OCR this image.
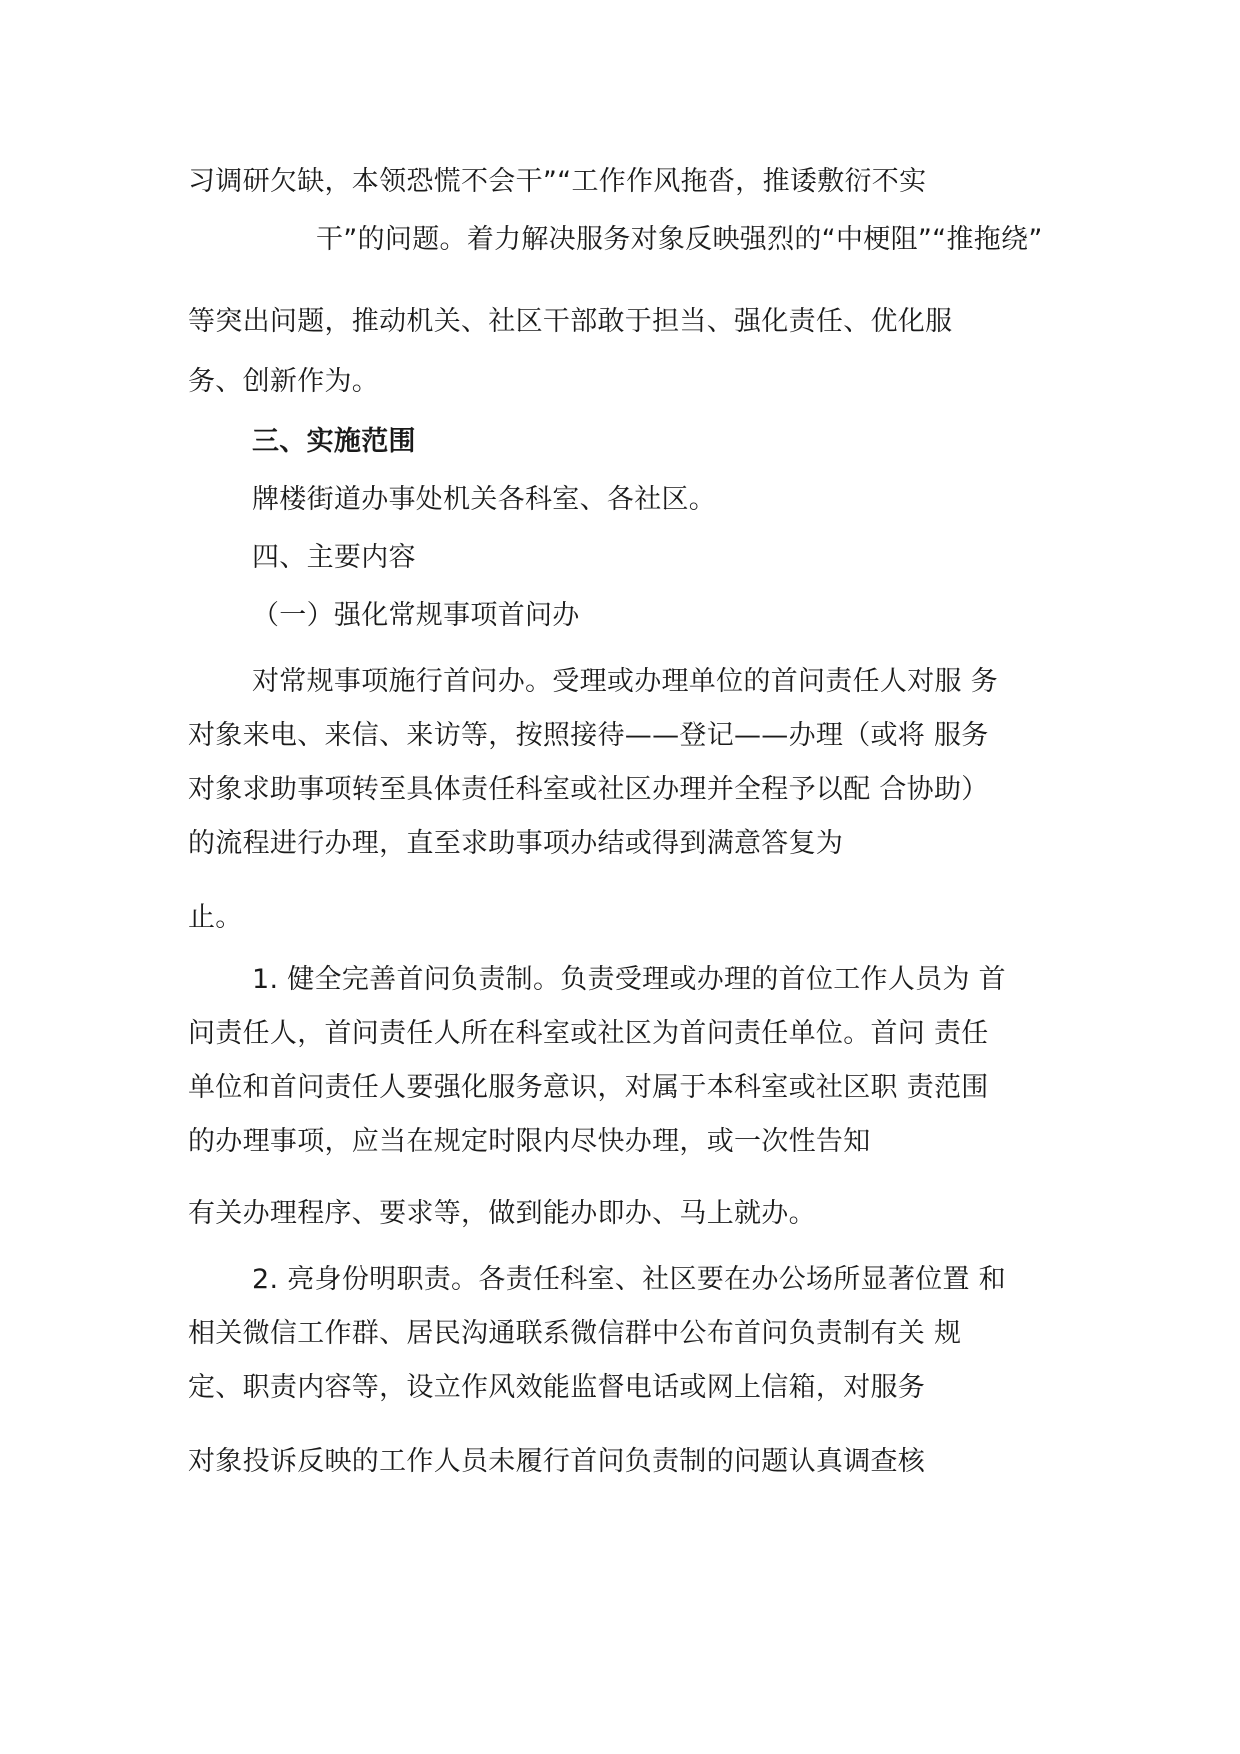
习调研欠缺，本领恐慌不会干”“工作作风拖沓，推诿敷衍不实
干”的问题。着力解决服务对象反映强烈的“中梗阻”“推拖绕”
等突出问题，推动机关、社区干部敢于担当、强化责任、优化服
务、创新作为。
三、实施范围
牌楼街道办事处机关各科室、各社区。
四、主要内容
（一）强化常规事项首问办
对常规事项施行首问办。受理或办理单位的首问责任人对服 务
对象来电、来信、来访等，按照接待——登记——办理（或将 服务
对象求助事项转至具体责任科室或社区办理并全程予以配 合协助）
的流程进行办理，直至求助事项办结或得到满意答复为
止。
1. 健全完善首问负责制。负责受理或办理的首位工作人员为 首
问责任人，首问责任人所在科室或社区为首问责任单位。首问 责任
单位和首问责任人要强化服务意识，对属于本科室或社区职 责范围
的办理事项，应当在规定时限内尽快办理，或一次性告知
有关办理程序、要求等，做到能办即办、马上就办。
2. 亮身份明职责。各责任科室、社区要在办公场所显著位置 和
相关微信工作群、居民沟通联系微信群中公布首问负责制有关 规
定、职责内容等，设立作风效能监督电话或网上信箱，对服务
对象投诉反映的工作人员未履行首问负责制的问题认真调查核
